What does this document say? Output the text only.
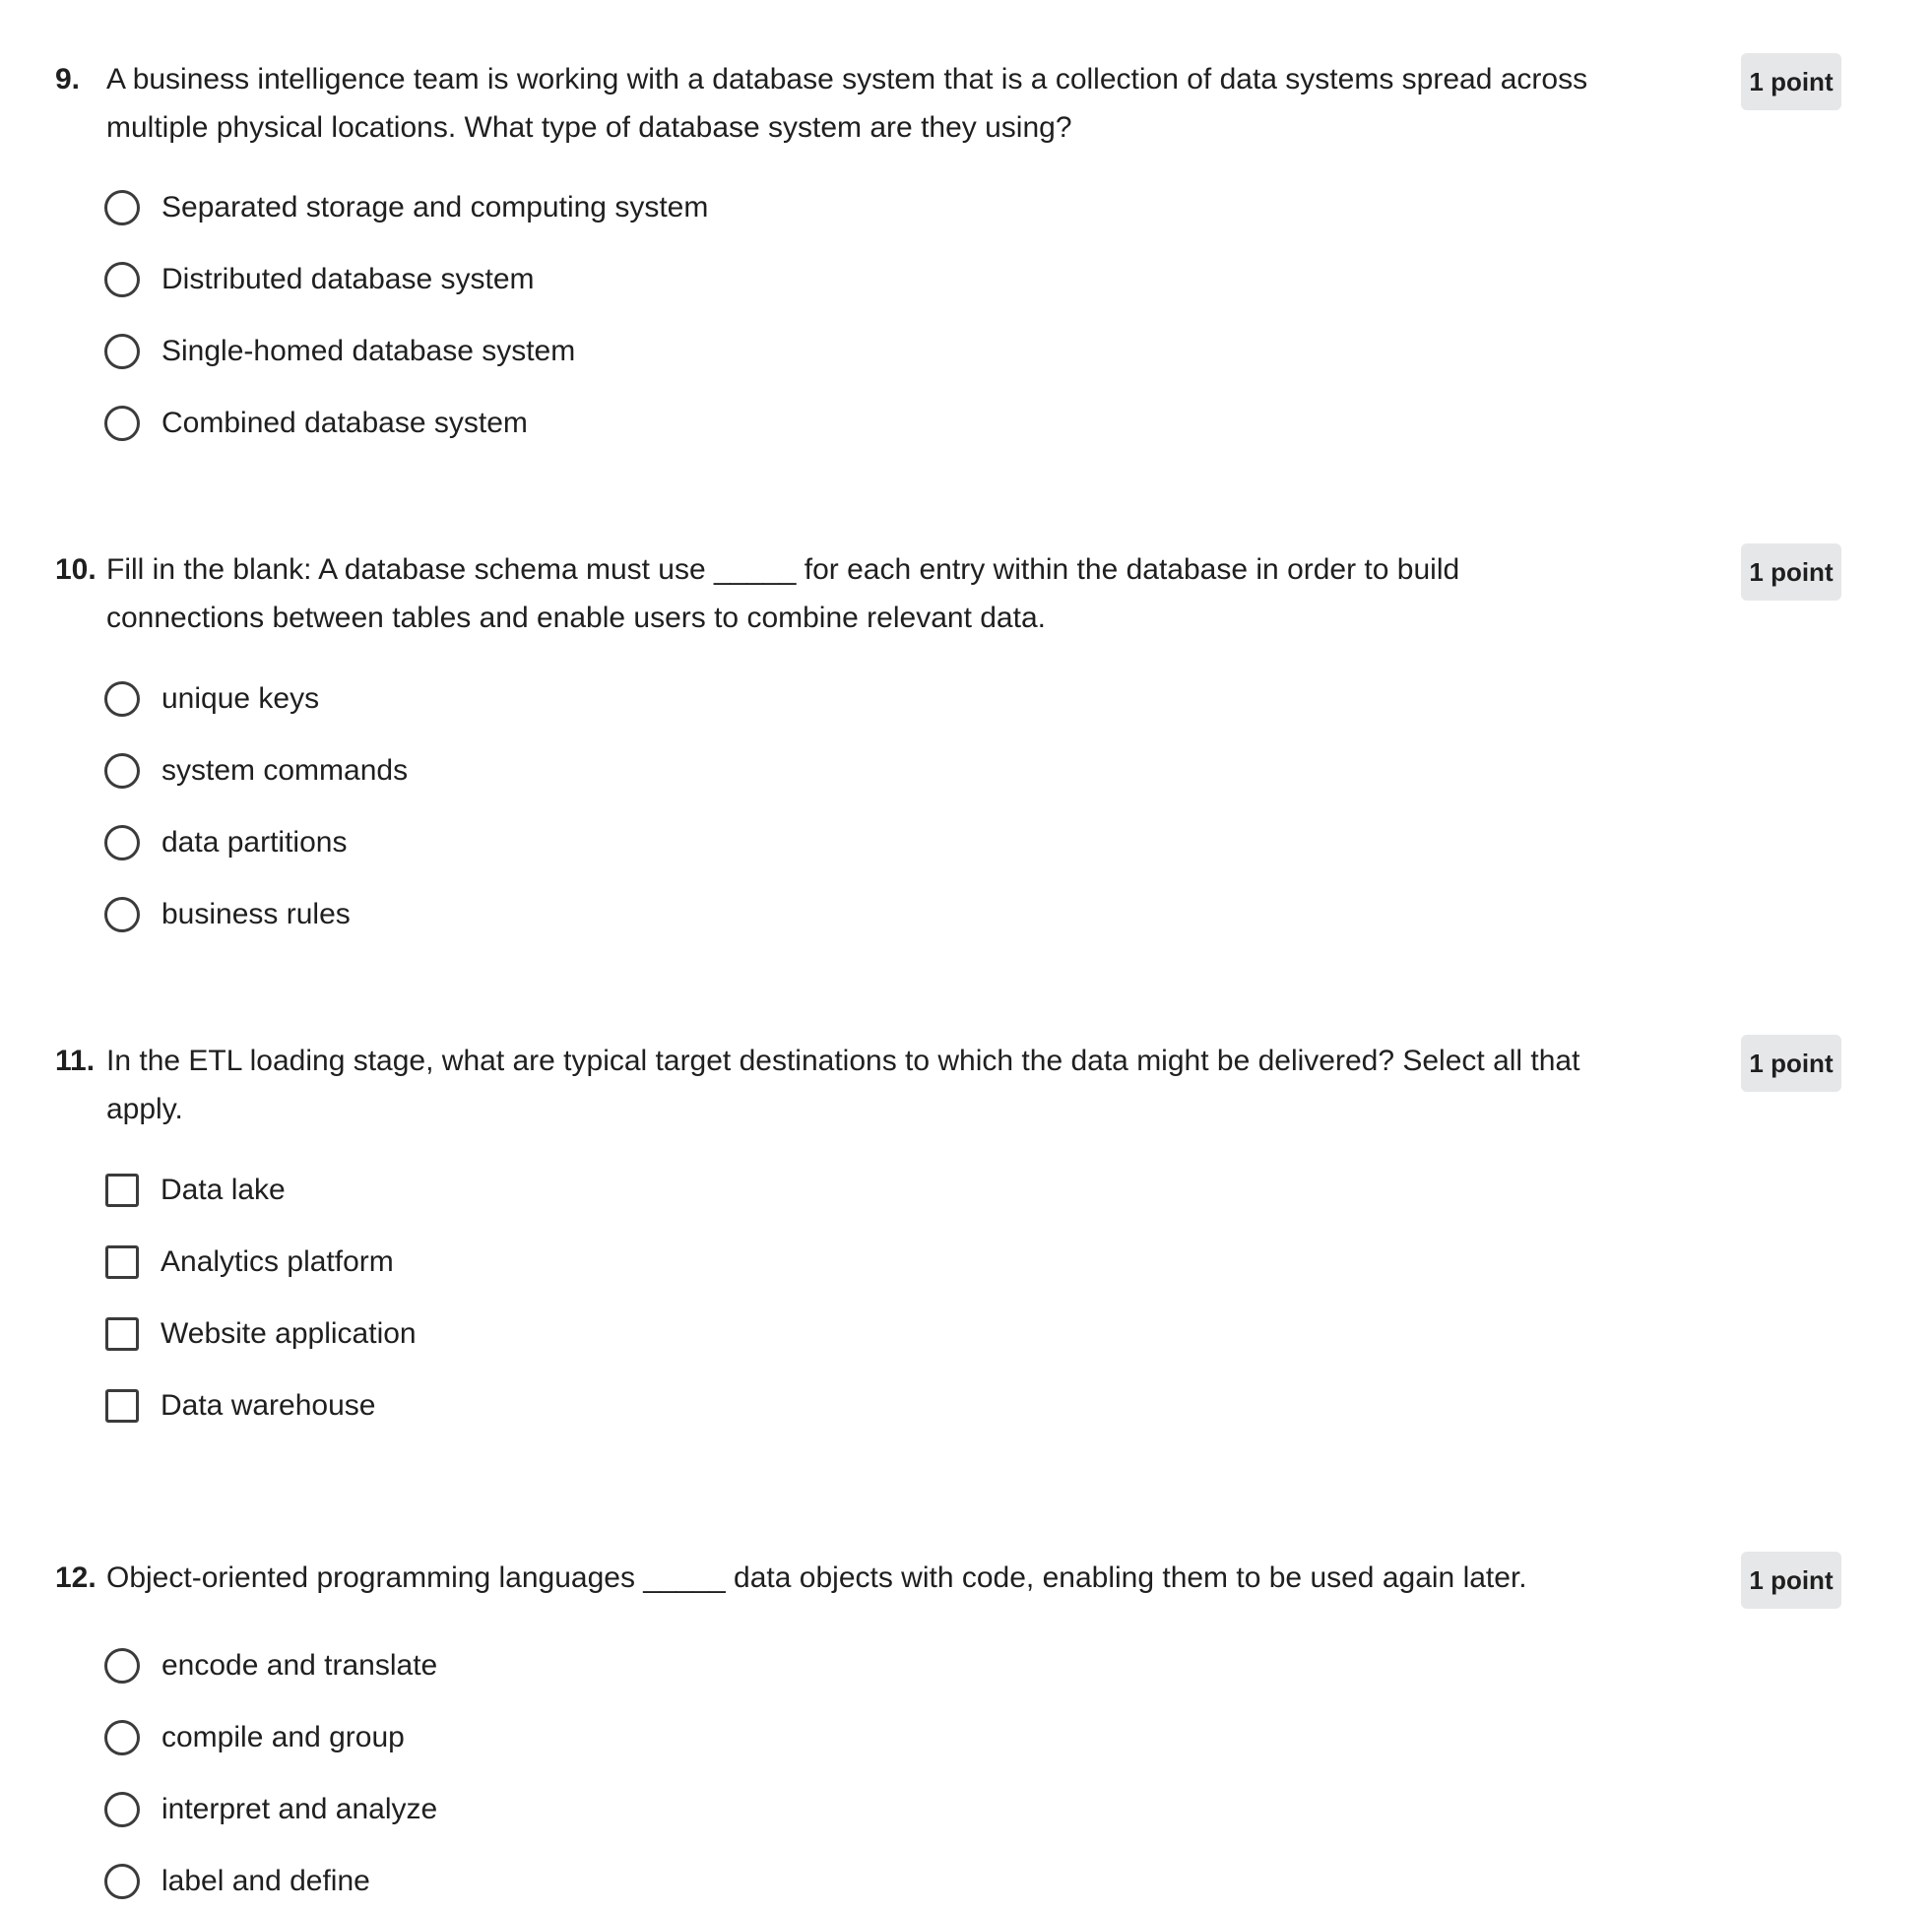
9. A business intelligence team is working with a database system that is a collection of data systems spread across multiple physical locations. What type of database system are they using?
1 point
Separated storage and computing system
Distributed database system
Single-homed database system
Combined database system
10. Fill in the blank: A database schema must use _____ for each entry within the database in order to build connections between tables and enable users to combine relevant data.
1 point
unique keys
system commands
data partitions
business rules
11. In the ETL loading stage, what are typical target destinations to which the data might be delivered? Select all that apply.
1 point
Data lake
Analytics platform
Website application
Data warehouse
12. Object-oriented programming languages _____ data objects with code, enabling them to be used again later.	1 point
encode and translate
compile and group
interpret and analyze
label and define
